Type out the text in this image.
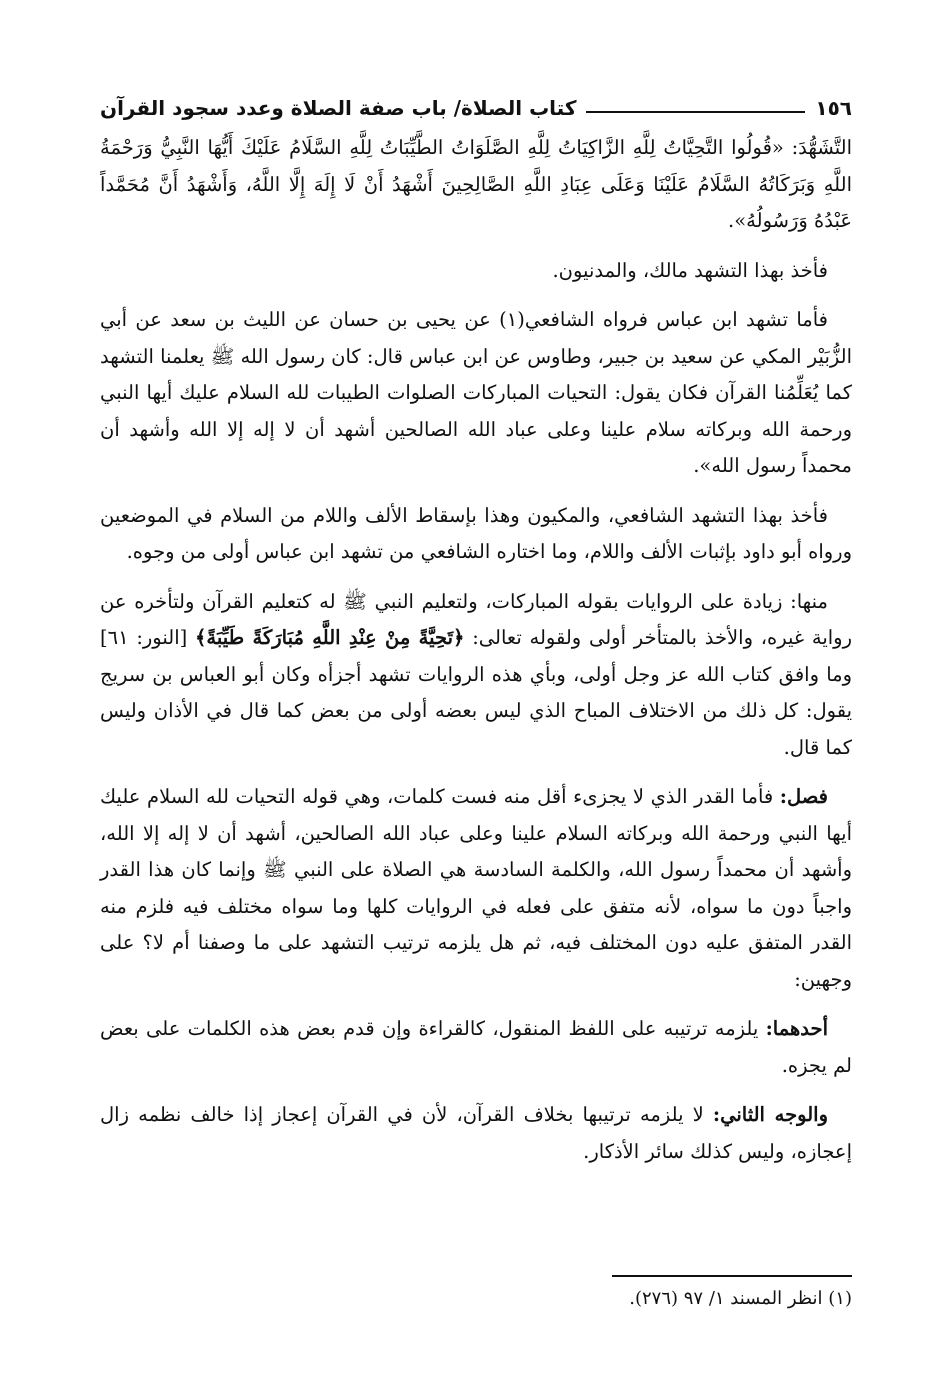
١٥٦
كتاب الصلاة/ باب صفة الصلاة وعدد سجود القرآن

التَّشَهُّدَ: «قُولُوا التَّحِيَّاتُ لِلَّهِ الزَّاكِيَاتُ لِلَّهِ الصَّلَوَاتُ الطَّيِّبَاتُ لِلَّهِ السَّلَامُ عَلَيْكَ أَيُّهَا النَّبِيُّ وَرَحْمَةُ اللَّهِ وَبَرَكَاتُهُ السَّلَامُ عَلَيْنَا وَعَلَى عِبَادِ اللَّهِ الصَّالِحِينَ أَشْهَدُ أَنْ لَا إِلَهَ إِلَّا اللَّهُ، وَأَشْهَدُ أَنَّ مُحَمَّداً عَبْدُهُ وَرَسُولُهُ».

فأخذ بهذا التشهد مالك، والمدنيون.

فأما تشهد ابن عباس فرواه الشافعي(١) عن يحيى بن حسان عن الليث بن سعد عن أبي الزُّبَيْر المكي عن سعيد بن جبير، وطاوس عن ابن عباس قال: كان رسول الله ﷺ يعلمنا التشهد كما يُعَلِّمُنا القرآن فكان يقول: التحيات المباركات الصلوات الطيبات لله السلام عليك أيها النبي ورحمة الله وبركاته سلام علينا وعلى عباد الله الصالحين أشهد أن لا إله إلا الله وأشهد أن محمداً رسول الله».

فأخذ بهذا التشهد الشافعي، والمكيون وهذا بإسقاط الألف واللام من السلام في الموضعين ورواه أبو داود بإثبات الألف واللام، وما اختاره الشافعي من تشهد ابن عباس أولى من وجوه.

منها: زيادة على الروايات بقوله المباركات، ولتعليم النبي ﷺ له كتعليم القرآن ولتأخره عن رواية غيره، والأخذ بالمتأخر أولى ولقوله تعالى: ﴿تَحِيَّةً مِنْ عِنْدِ اللَّهِ مُبَارَكَةً طَيِّبَةً﴾ [النور: ٦١] وما وافق كتاب الله عز وجل أولى، وبأي هذه الروايات تشهد أجزأه وكان أبو العباس بن سريج يقول: كل ذلك من الاختلاف المباح الذي ليس بعضه أولى من بعض كما قال في الأذان وليس كما قال.

فصل: فأما القدر الذي لا يجزىء أقل منه فست كلمات، وهي قوله التحيات لله السلام عليك أيها النبي ورحمة الله وبركاته السلام علينا وعلى عباد الله الصالحين، أشهد أن لا إله إلا الله، وأشهد أن محمداً رسول الله، والكلمة السادسة هي الصلاة على النبي ﷺ وإنما كان هذا القدر واجباً دون ما سواه، لأنه متفق على فعله في الروايات كلها وما سواه مختلف فيه فلزم منه القدر المتفق عليه دون المختلف فيه، ثم هل يلزمه ترتيب التشهد على ما وصفنا أم لا؟ على وجهين:

أحدهما: يلزمه ترتيبه على اللفظ المنقول، كالقراءة وإن قدم بعض هذه الكلمات على بعض لم يجزه.

والوجه الثاني: لا يلزمه ترتيبها بخلاف القرآن، لأن في القرآن إعجاز إذا خالف نظمه زال إعجازه، وليس كذلك سائر الأذكار.

(١) انظر المسند ١/ ٩٧ (٢٧٦).
